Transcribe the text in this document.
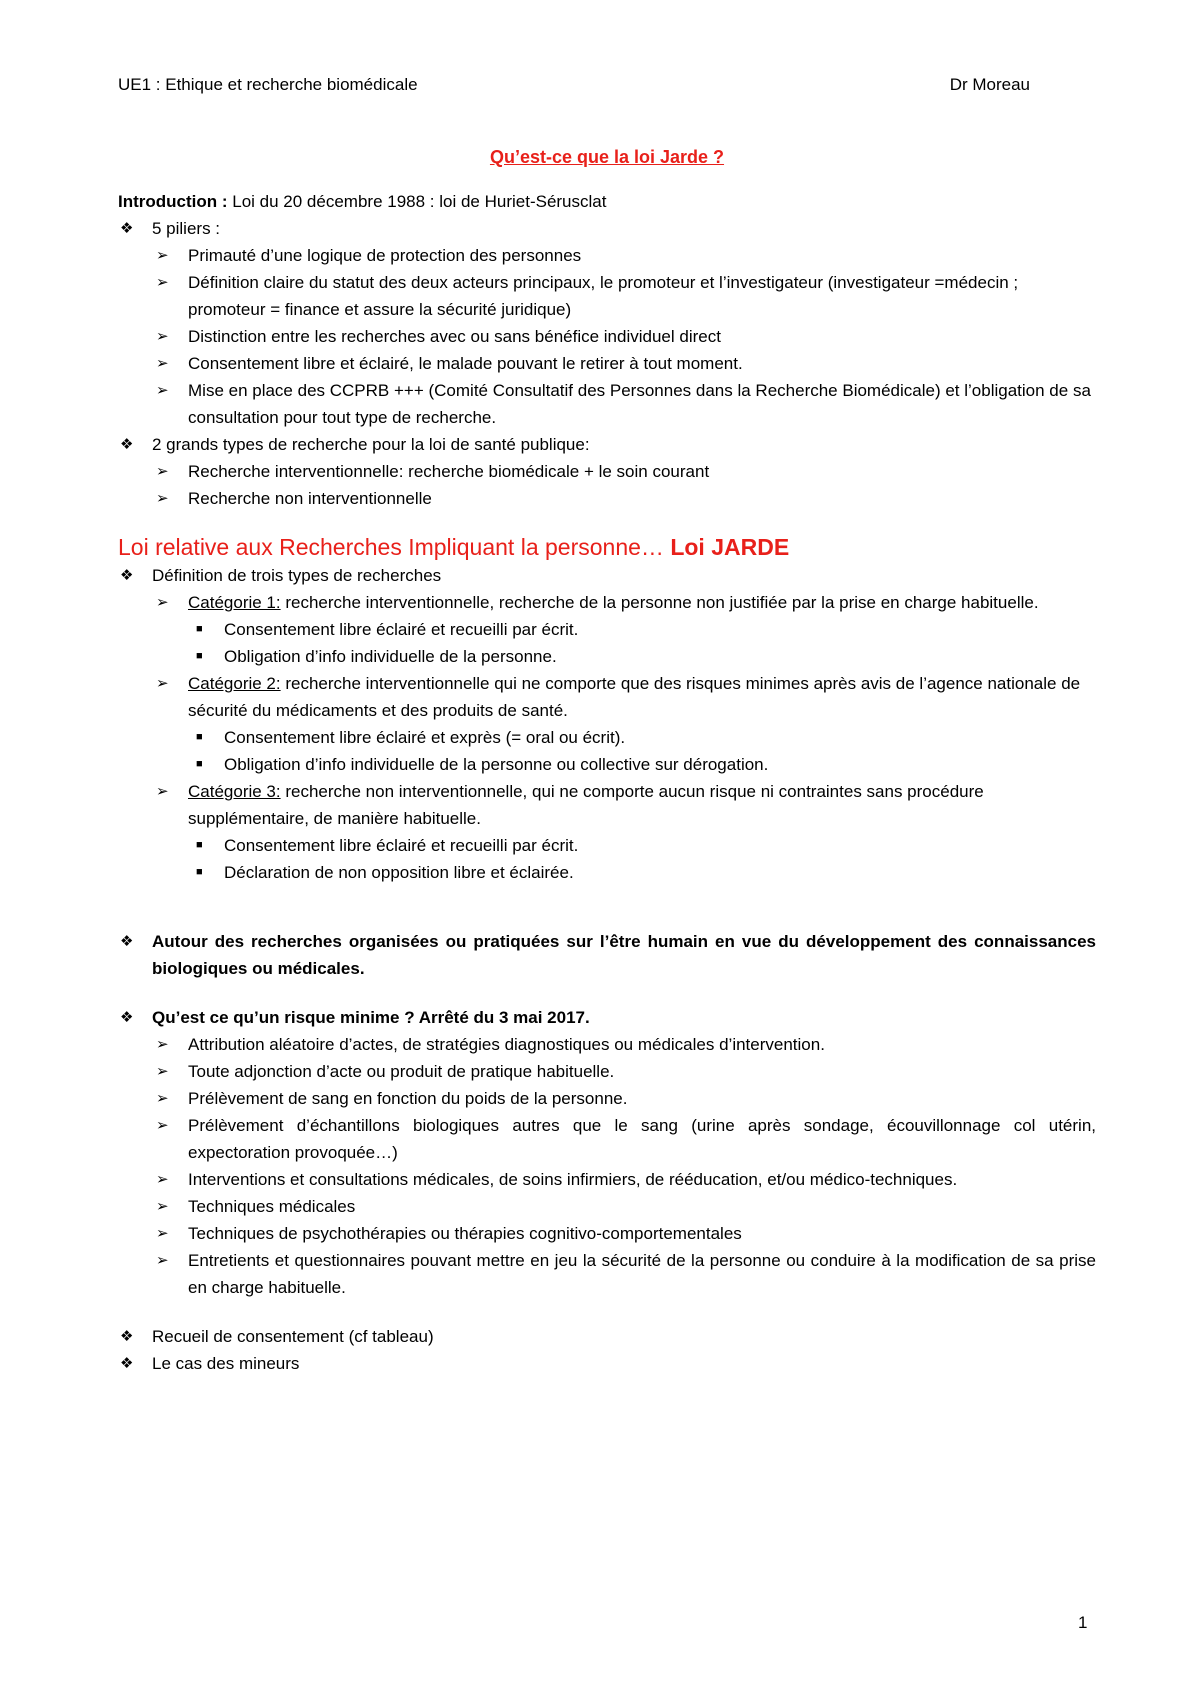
UE1 : Ethique et recherche biomédicale	Dr Moreau
Qu’est-ce que la loi Jarde ?
Introduction : Loi du 20 décembre 1988 : loi de Huriet-Sérusclat
❖ 5 piliers :
➢ Primauté d’une logique de protection des personnes
➢ Définition claire du statut des deux acteurs principaux, le promoteur et l’investigateur (investigateur =médecin ; promoteur = finance et assure la sécurité juridique)
➢ Distinction entre les recherches avec ou sans bénéfice individuel direct
➢ Consentement libre et éclairé, le malade pouvant le retirer à tout moment.
➢ Mise en place des CCPRB +++ (Comité Consultatif des Personnes dans la Recherche Biomédicale) et l’obligation de sa consultation pour tout type de recherche.
❖ 2 grands types de recherche pour la loi de santé publique:
➢ Recherche interventionnelle: recherche biomédicale + le soin courant
➢ Recherche non interventionnelle
Loi relative aux Recherches Impliquant la personne… Loi JARDE
❖ Définition de trois types de recherches
➢ Catégorie 1: recherche interventionnelle, recherche de la personne non justifiée par la prise en charge habituelle.
■ Consentement libre éclairé et recueilli par écrit.
■ Obligation d’info individuelle de la personne.
➢ Catégorie 2: recherche interventionnelle qui ne comporte que des risques minimes après avis de l’agence nationale de sécurité du médicaments et des produits de santé.
■ Consentement libre éclairé et exprès (= oral ou écrit).
■ Obligation d’info individuelle de la personne ou collective sur dérogation.
➢ Catégorie 3: recherche non interventionnelle, qui ne comporte aucun risque ni contraintes sans procédure supplémentaire, de manière habituelle.
■ Consentement libre éclairé et recueilli par écrit.
■ Déclaration de non opposition libre et éclairée.
❖ Autour des recherches organisées ou pratiquées sur l’être humain en vue du développement des connaissances biologiques ou médicales.
❖ Qu’est ce qu’un risque minime ? Arrêté du 3 mai 2017.
➢ Attribution aléatoire d’actes, de stratégies diagnostiques ou médicales d’intervention.
➢ Toute adjonction d’acte ou produit de pratique habituelle.
➢ Prélèvement de sang en fonction du poids de la personne.
➢ Prélèvement d’échantillons biologiques autres que le sang (urine après sondage, écouvillonnage col utérin, expectoration provoquée…)
➢ Interventions et consultations médicales, de soins infirmiers, de rééducation, et/ou médico-techniques.
➢ Techniques médicales
➢ Techniques de psychothérapies ou thérapies cognitivo-comportementales
➢ Entretients et questionnaires pouvant mettre en jeu la sécurité de la personne ou conduire à la modification de sa prise en charge habituelle.
❖ Recueil de consentement (cf tableau)
❖ Le cas des mineurs
1
